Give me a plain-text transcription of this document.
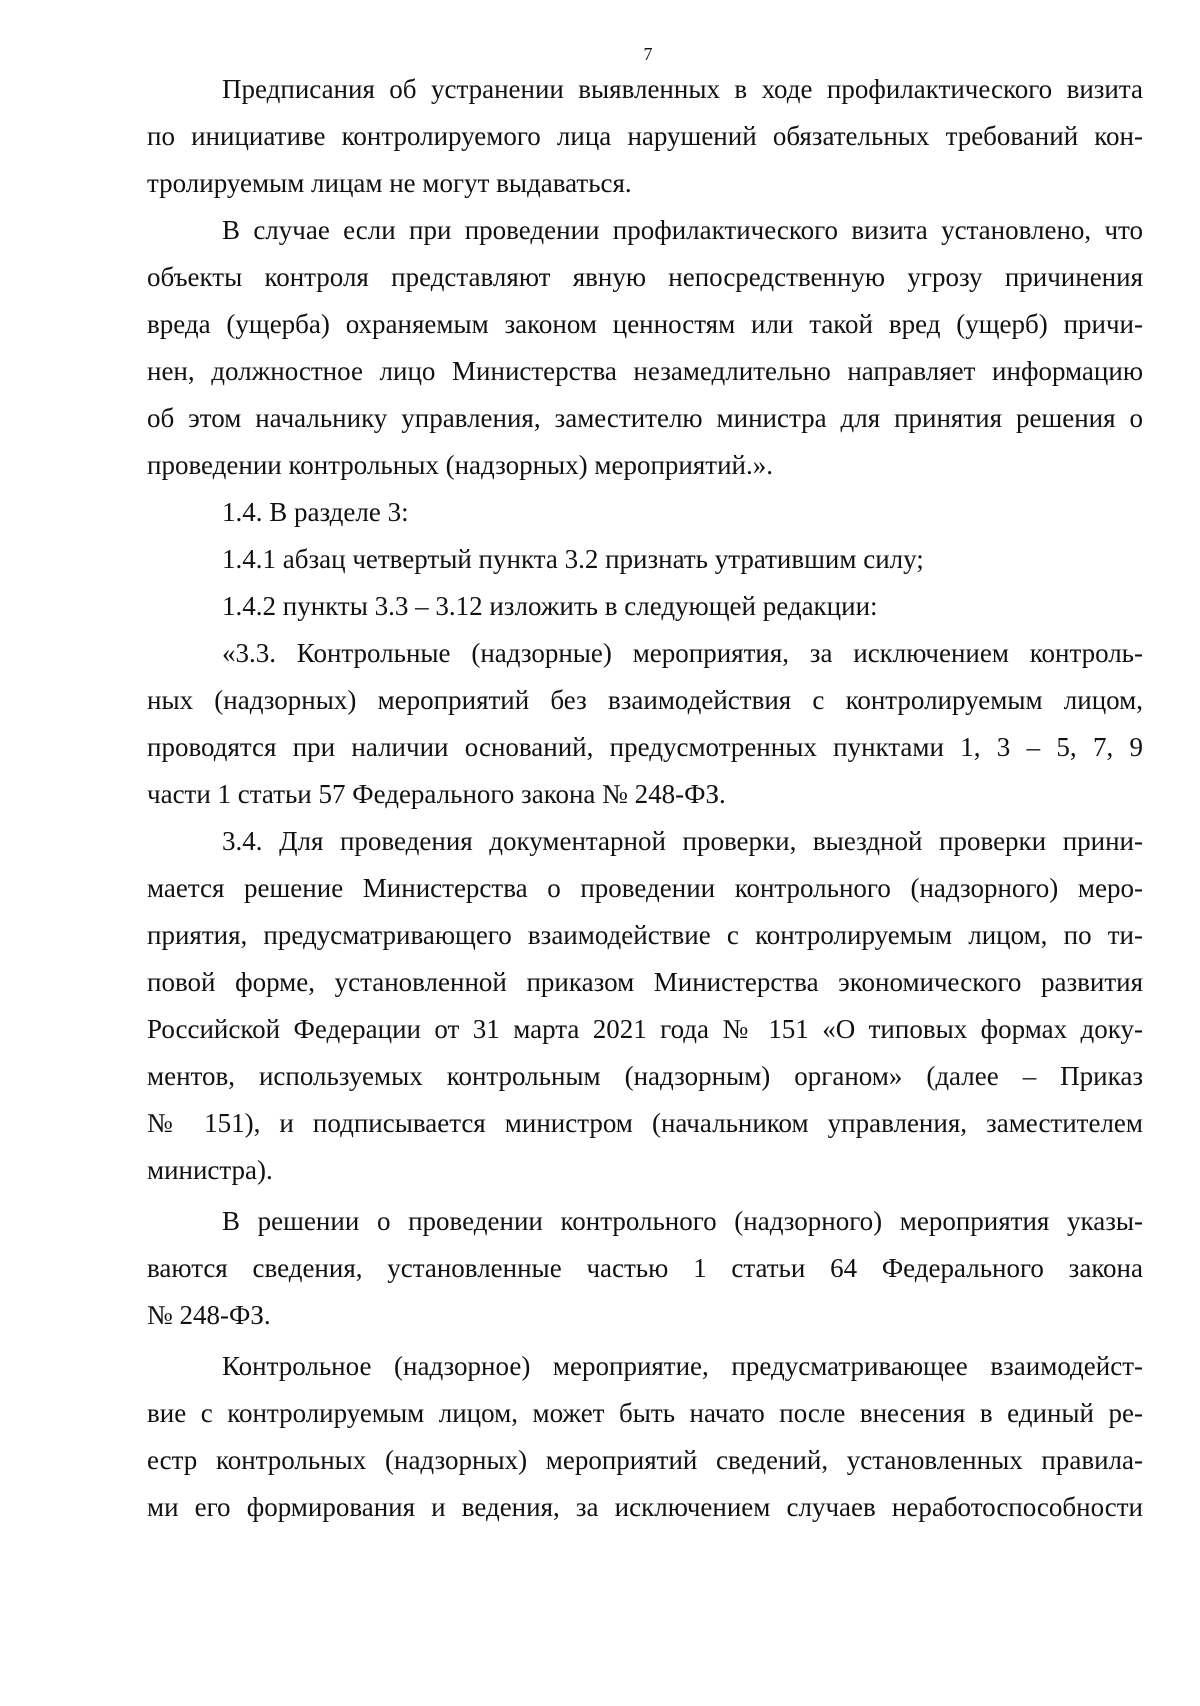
7
Предписания об устранении выявленных в ходе профилактического визита
по инициативе контролируемого лица нарушений обязательных требований кон-
тролируемым лицам не могут выдаваться.
В случае если при проведении профилактического визита установлено, что
объекты контроля представляют явную непосредственную угрозу причинения
вреда (ущерба) охраняемым законом ценностям или такой вред (ущерб) причи-
нен, должностное лицо Министерства незамедлительно направляет информацию
об этом начальнику управления, заместителю министра для принятия решения о
проведении контрольных (надзорных) мероприятий.».
1.4. В разделе 3:
1.4.1 абзац четвертый пункта 3.2 признать утратившим силу;
1.4.2 пункты 3.3 – 3.12 изложить в следующей редакции:
«3.3. Контрольные (надзорные) мероприятия, за исключением контроль-
ных (надзорных) мероприятий без взаимодействия с контролируемым лицом,
проводятся при наличии оснований, предусмотренных пунктами 1, 3 – 5, 7, 9
части 1 статьи 57 Федерального закона № 248-ФЗ.
3.4. Для проведения документарной проверки, выездной проверки прини-
мается решение Министерства о проведении контрольного (надзорного) меро-
приятия, предусматривающего взаимодействие с контролируемым лицом, по ти-
повой форме, установленной приказом Министерства экономического развития
Российской Федерации от 31 марта 2021 года № 151 «О типовых формах доку-
ментов, используемых контрольным (надзорным) органом» (далее – Приказ
№ 151), и подписывается министром (начальником управления, заместителем
министра).
В решении о проведении контрольного (надзорного) мероприятия указы-
ваются сведения, установленные частью 1 статьи 64 Федерального закона
№ 248-ФЗ.
Контрольное (надзорное) мероприятие, предусматривающее взаимодейст-
вие с контролируемым лицом, может быть начато после внесения в единый ре-
естр контрольных (надзорных) мероприятий сведений, установленных правила-
ми его формирования и ведения, за исключением случаев неработоспособности
